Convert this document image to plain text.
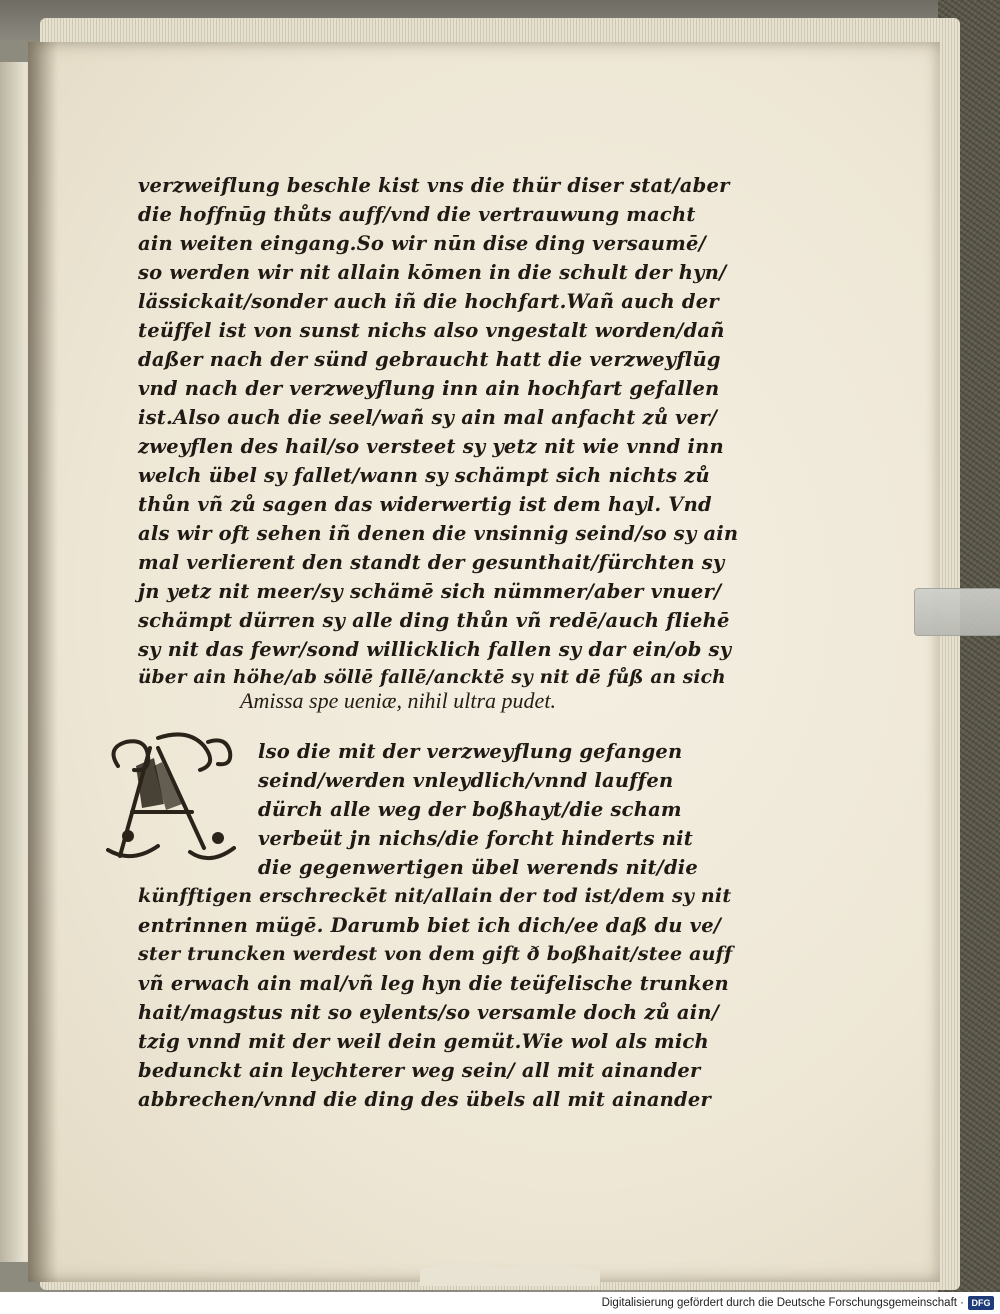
verzweiflung beschle kist vns die thür diser stat/aber
die hoffnūg thůts auff/vnd die vertrauwung macht
ain weiten eingang.So wir nūn dise ding versaumē/
so werden wir nit allain kōmen in die schult der hyn/
lässickait/sonder auch iñ die hochfart.Wañ auch der
teüffel ist von sunst nichs also vngestalt worden/dañ
daßer nach der sünd gebraucht hatt die verzweyflūg
vnd nach der verzweyflung inn ain hochfart gefallen
ist.Also auch die seel/wañ sy ain mal anfacht zů ver/
zweyflen des hail/so versteet sy yetz nit wie vnnd inn
welch übel sy fallet/wann sy schämpt sich nichts zů
thůn vñ zů sagen das widerwertig ist dem hayl. Vnd
als wir oft sehen iñ denen die vnsinnig seind/so sy ain
mal verlierent den standt der gesunthait/fürchten sy
jn yetz nit meer/sy schämē sich nümmer/aber vnuer/
schämpt dürren sy alle ding thůn vñ redē/auch fliehē
sy nit das fewr/sond willicklich fallen sy dar ein/ob sy
über ain höhe/ab söllē fallē/ancktē sy nit dē fůß an sich
Amissa spe ueniæ, nihil ultra pudet.
lso die mit der verzweyflung gefangen
seind/werden vnleydlich/vnnd lauffen
dürch alle weg der boßhayt/die scham
verbeüt jn nichs/die forcht hinderts nit
die gegenwertigen übel werends nit/die
künfftigen erschreckēt nit/allain der tod ist/dem sy nit
entrinnen mügē. Darumb biet ich dich/ee daß du ve/
ster truncken werdest von dem gift ð boßhait/stee auff
vñ erwach ain mal/vñ leg hyn die teüfelische trunken
hait/magstus nit so eylents/so versamle doch zů ain/
tzig vnnd mit der weil dein gemüt.Wie wol als mich
bedunckt ain leychterer weg sein/ all mit ainander
abbrechen/vnnd die ding des übels all mit ainander
Digitalisierung gefördert durch die Deutsche Forschungsgemeinschaft · DFG
